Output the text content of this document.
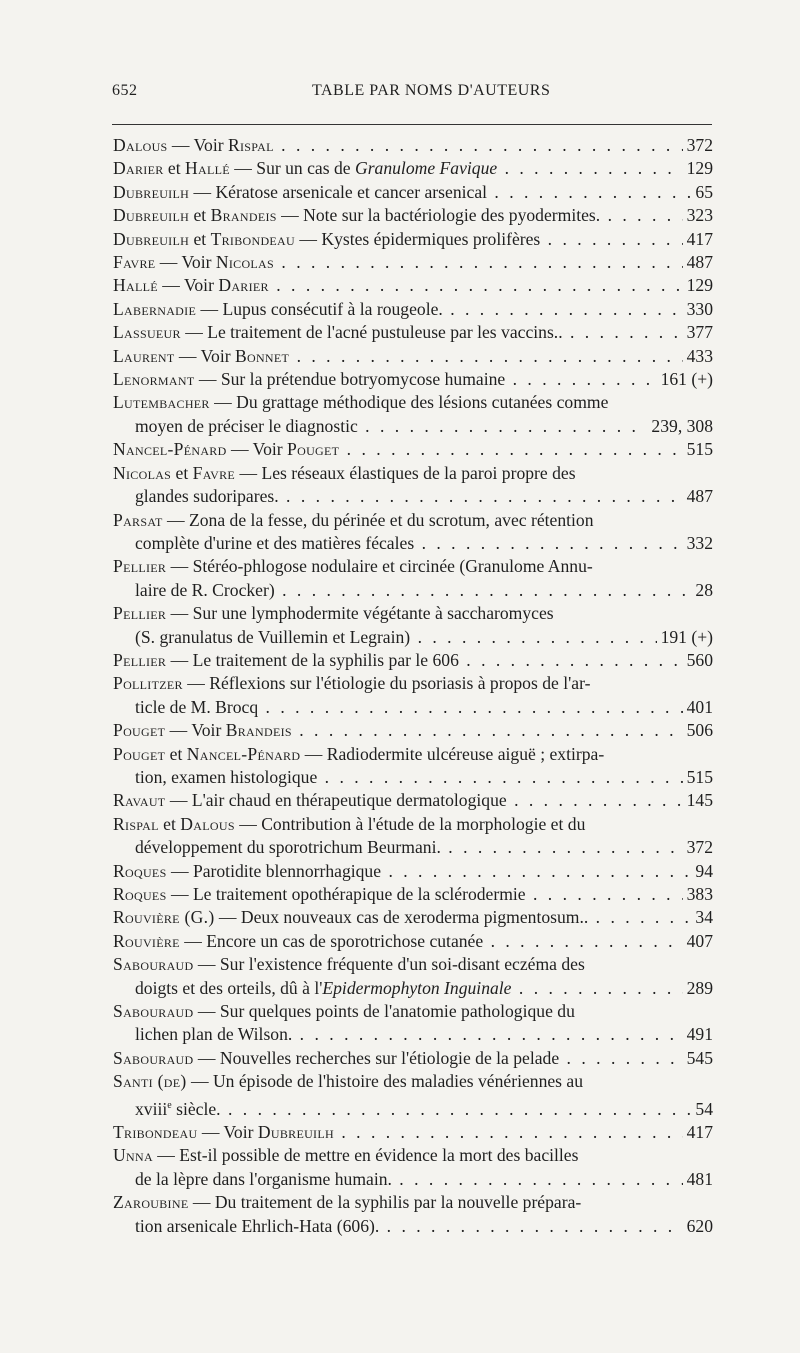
652	TABLE PAR NOMS D'AUTEURS
Dalous — Voir Rispal . . .	372
Darier et Hallé — Sur un cas de Granulome Favique . . .	129
Dubreuilh — Kératose arsenicale et cancer arsenical . . .	65
Dubreuilh et Brandeis — Note sur la bactériologie des pyodermites. . . .	323
Dubreuilh et Tribondeau — Kystes épidermiques prolifères . . .	417
Favre — Voir Nicolas . . .	487
Hallé — Voir Darier . . .	129
Labernadie — Lupus consécutif à la rougeole. . . .	330
Lassueur — Le traitement de l'acné pustuleuse par les vaccins.. . . .	377
Laurent — Voir Bonnet . . .	433
Lenormant — Sur la prétendue botryomycose humaine . . .	161 (+)
Lutembacher — Du grattage méthodique des lésions cutanées comme
moyen de préciser le diagnostic . . .	239, 308
Nancel-Pénard — Voir Pouget . . .	515
Nicolas et Favre — Les réseaux élastiques de la paroi propre des
glandes sudoripares. . . .	487
Parsat — Zona de la fesse, du périnée et du scrotum, avec rétention
complète d'urine et des matières fécales . . .	332
Pellier — Stéréo-phlogose nodulaire et circinée (Granulome Annu-
laire de R. Crocker) . . .	28
Pellier — Sur une lymphodermite végétante à saccharomyces
(S. granulatus de Vuillemin et Legrain) . . .	191 (+)
Pellier — Le traitement de la syphilis par le 606 . . .	560
Pollitzer — Réflexions sur l'étiologie du psoriasis à propos de l'ar-
ticle de M. Brocq . . .	401
Pouget — Voir Brandeis . . .	506
Pouget et Nancel-Pénard — Radiodermite ulcéreuse aiguë ; extirpa-
tion, examen histologique . . .	515
Ravaut — L'air chaud en thérapeutique dermatologique . . .	145
Rispal et Dalous — Contribution à l'étude de la morphologie et du
développement du sporotrichum Beurmani. . . .	372
Roques — Parotidite blennorrhagique . . .	94
Roques — Le traitement opothérapique de la sclérodermie . . .	383
Rouvière (G.) — Deux nouveaux cas de xeroderma pigmentosum.. . . .	34
Rouvière — Encore un cas de sporotrichose cutanée . . .	407
Sabouraud — Sur l'existence fréquente d'un soi-disant eczéma des
doigts et des orteils, dû à l'Epidermophyton Inguinale . . .	289
Sabouraud — Sur quelques points de l'anatomie pathologique du
lichen plan de Wilson. . . .	491
Sabouraud — Nouvelles recherches sur l'étiologie de la pelade . . .	545
Santi (de) — Un épisode de l'histoire des maladies vénériennes au
xviii$^e$ siècle. . . .	54
Tribondeau — Voir Dubreuilh . . .	417
Unna — Est-il possible de mettre en évidence la mort des bacilles
de la lèpre dans l'organisme humain. . . .	481
Zaroubine — Du traitement de la syphilis par la nouvelle prépara-
tion arsenicale Ehrlich-Hata (606). . . .	620
